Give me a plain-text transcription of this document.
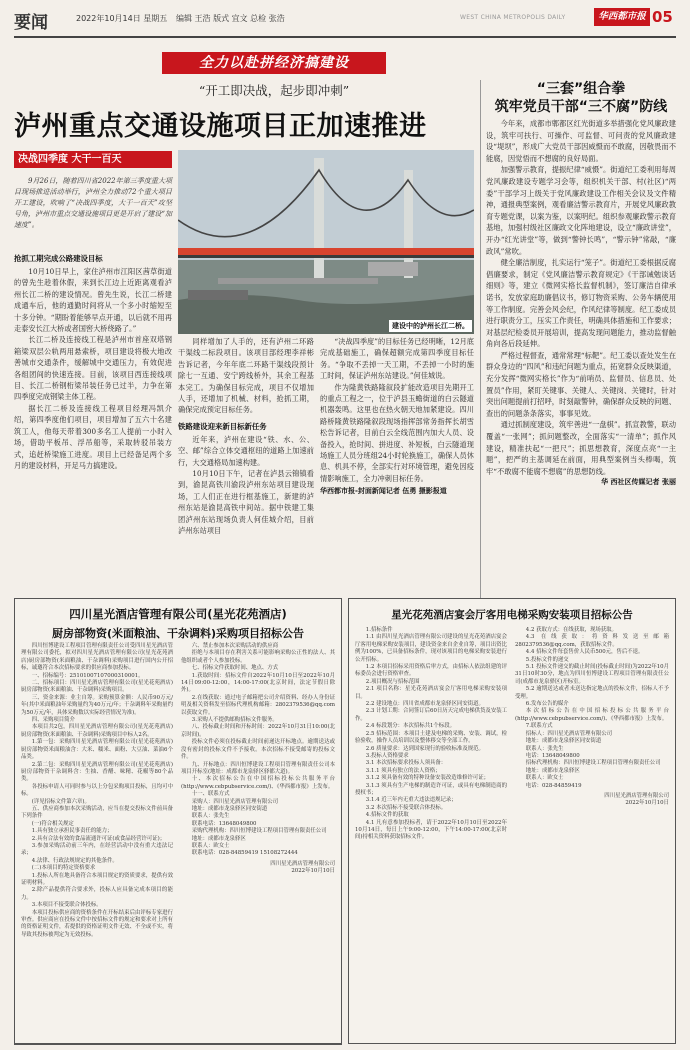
要闻	2022年10月14日 星期五 编辑 王浩 版式 宜文 总检 张浩	WEST CHINA METROPOLIS DAILY	华西都市报 05
全力以赴拼经济搞建设
“开工即决战，起步即冲刺”
泸州重点交通设施项目正加速推进
决战四季度 大干一百天
9月26日，随着四川省2022年第三季度重大项目现场推进活动举行，泸州全力推动72个重大项目开工建设，吹响了“决战四季度，大干一百天”攻坚号角，泸州市重点交通设施项目更是开启了建设“加速度”。
抢抓工期完成公路建设目标

10月10日早上，家住泸州市江阳区茜草街道的曾先生趁着休假，来到长江边上近距离观看泸州长江二桥的建设情况。曾先生说，长江二桥建成通车后，他的通勤时间将从一个多小时缩短至十多分钟。“期盼着能够早点开通，以后就不用再走泰安长江大桥或者国窖大桥绕路了。”

长江二桥及连接线工程是泸州市首座双塔钢箱梁双层公轨两用悬索桥，项目建设将极大地改善城市交通条件，缓解城中交通压力，有效促进各组团间的快速连接。目前，该项目西连接线项目、长江二桥钢桁梁吊装任务已过半，力争在第四季度完成钢梁主体工程。

据长江二桥及连接线工程项目经理冯凯介绍，第四季度他们项目，项目增加了五六十名建筑工人，他每天带着300多名工人提前一小时入场，借助平板吊、浮吊船等，采取转驳吊装方式，追赶桥梁施工进度。项目上已经备足两个多月的建设材料，开足马力搞建设。

建设中的泸州长江二桥。

同样增加了人手的，还有泸州二环路干渠线二标段项目。该项目部经理李祥彬告诉记者，今年年底二环路干渠线段预计除七一互通、安宁跨线桥外，其余工程基本完工。为确保目标完成，项目不仅增加人手，还增加了机械、材料，抢抓工期，确保完成预定目标任务。

铁路建设迎来新目标新任务

近年来，泸州在建设“铁、水、公、空、邮”综合立体交通枢纽的道路上加速前行，大交通格局加速构建。

10月10日下午，记者在泸县云锦镇看到，渝昆高铁川渝段泸州东站项目建设现场，工人们正在进行框基施工，新建的泸州东站是渝昆高铁中间站。据中铁建工集团泸州东站现场负责人何佳城介绍，目前泸州东站项目

“决战四季度”的目标任务已经明晰，12月底完成基础施工，确保超额完成第四季度目标任务。“争取不丢掉一天工期，不丢掉一小时的施工时间，保证泸州东站建设。”何佳城说。

作为隆黄铁路隆叙段扩能改造项目先期开工的重点工程之一，位于泸县玉蟾街道的白云隧道机器轰鸣。这里也在热火朝天地加紧建设。四川路桥隆黄铁路隆叙段现场指挥部常务指挥长胡雪松告诉记者，目前白云全线范围内加大人员、设备投入，抢时间、拼进度、补短板，白云隧道现场施工人员分班组24小时轮换施工，确保人员休息、机具不停，全部实行对环境管理，避免因疫情影响施工，全力冲刺目标任务。

华西都市报-封面新闻记者 伍勇 摄影报道
“三套”组合拳
筑牢党员干部“三不腐”防线

今年来，成都市郫都区红光街道多举措强化党风廉政建设，筑牢可扶行、可操作、可监督、可问责的党风廉政建设“堤坝”，形成广大党员干部因威慑而不敢腐，因敬畏而不能腐，因觉悟而不想腐的良好局面。

加强警示教育，提振纪律“威慑”。街道纪工委利用每周党风廉政建设专题学习会等，组织机关干部、村(社区)“两委”干部学习上级关于党风廉政建设工作相关会议及文件精神，通报典型案例，观看廉洁警示教育片，开展党风廉政教育专题党课，以案为鉴，以案明纪。组织参观廉政警示教育基地，加强村级社区廉政文化阵地建设，设立“廉政讲堂”，开办“红光讲堂”等，做到“警钟长鸣”，“警示钟”常敲，“廉政风”常吹。

健全廉洁制度，扎实运行“笼子”。街道纪工委根据反腐倡廉要求，制定《党风廉洁警示教育规定》《干部诫勉谈话细则》等，建立《微网实格长监督机制》，签订廉洁自律承诺书，发放家庭助廉倡议书，修订物资采购、公务车辆使用等工作制度。完善会风会纪，作风纪律等制度。纪工委成员进行职责分工，压实工作责任，明确具体措施和工作要求；对基层纪检委员开展培训，提高发现问题能力，推动监督触角向各后段延伸。

严格过程督查，通常常理“标靶”。纪工委以查处发生在群众身边的“四风”和违纪问题为重点，拓宽群众反映渠道，充分发挥“微网实格长”作为“前哨员、监督员、信息员、处置员”作用，紧盯关键事、关键人、关键岗、关键时，针对突出问题提前打招呼，时刻敲警钟，确保群众反映的问题、查出的问题条条落实，事事见效。

通过抓制度建设，筑牢善进“一盘棋”。抓宣教警，联动覆盖“一张网”；抓问题整改，全面落实“一清单”；抓作风建设，精准扶起“一把尺”；抓思想教育，深度点亮“一主题”，把严的主基调延在前面，用典型案例当头棒喝，筑牢“不敢腐不能腐不想腐”的思想防线。

华 西社区传媒记者 张丽
四川星光酒店管理有限公司(星光花苑酒店)
厨房部物资(米面粮油、干杂调料)采购项目招标公告

四川恒博建设工程项目管理有限责任公司受四川星光酒店管理有限公司委托，拟对四川星光酒店管理有限公司(星光花苑酒店)厨房部物资(米面粮油、干杂调料)采购项目进行国内公开招标，诚邀符合本次招标要求的供应商参加投标。

一、招标编号：25101007107000310001。

二、招标项目：四川星光酒店管理有限公司(星光花苑酒店)厨房部物资(米面粮油、干杂调料)采购项目。

三、资金来源：业主自筹。采购预算金额：人民币90万元/年(其中米面粮油年采购量约为40万元/年；干杂调料年采购量约为50万元/年，具体采购数以实际经营情况为准)。

四、采购项目简介

本项目共2包，四川星光酒店管理有限公司(星光花苑酒店)厨房部物资(米面粮油、干杂调料)采购项目中标人2名。

1.第一包：采购四川星光酒店管理有限公司(星光花苑酒店)厨房部物资米面粮油含：大米、糯米、面粉、大豆油、菜油6个品类。

2.第二包：采购四川星光酒店管理有限公司(星光花苑酒店)厨房部物资干杂调料含：生抽、香醋、味精、花椒等80个品类。

各投标申请人可同时参与以上分包采购项目投标，且均可中标。

(详见招标文件第六章)。

五、供应商参加本次采购活动，应当在提交投标文件前具备下列条件

(一)符合相关规定

1.具有独立承担民事责任的能力；

2.具有合法有效的食品流通许可证(或食品经营许可证)；

3.参加采购活动前三年内，在经营活动中没有重大违法记录；

4.法律、行政法规规定的其他条件。

(二)本项目的特定资格要求

1.投标人所在地具备符合本项目规定的资质要求，提供有效证明材料。

2.除产品提供符合要求外，投标人应具备完成本项目的能力。

3.本项目不接受联合体投标。

本项目投标供应商的资格条件在开标结束后由评标专家进行审查。供应商应在投标文件中按招标文件的规定和要求对上所有的资格证明文件，若提供的资格证明文件无效、不全或不实，将导致其投标被判定为无效投标。

六、禁止参加本次采购活动的供应商

拒绝与本项目存在利害关系可能影响采购公正性的法人、其他组织或者个人参加投标。

七、招标文件获取时间、地点、方式

1.获取时间：招标文件自2022年10月10日至2022年10月14日09:00-12:00，14:00-17:00(北京时间，法定节假日除外)。

2.在线获取：通过电子邮箱把公司介绍资料、经办人身份证明及相关资料发至招标代理机构邮箱：2802379536@qq.com以获取文件。

3.采购人不提供邮购招标文件服务。

八、投标截止时间和开标时间：2022年10月31日10:00(北京时间)。

投标文件必须在投标截止时间前递达开标地点。逾期送达或没有密封的投标文件不予接收。本次招标不接受邮寄的投标文件。

九、开标地点：四川恒博建设工程项目管理有限责任公司本项目开标室(地址：成都市龙泉驿区驿都大道)。

十、本次招标公告在中国招标投标公共服务平台(http://www.cebpubservice.com/)、《华西都市报》上发布。

十一、联系方式

采购人：四川星光酒店管理有限公司

地址：成都市龙泉驿区同安街道

联系人：张先生

联系电话：13648049800

采购代理机构：四川恒博建设工程项目管理有限责任公司

地址：成都市龙泉驿区

联系人：欧女士

联系电话：028-84859419 15108272444

四川星光酒店管理有限公司
2022年10月10日
星光花苑酒店宴会厅客用电梯采购安装项目招标公告

1.招标条件

1.1 由四川星光酒店管理有限公司建设的星光花苑酒店宴会厅客用电梯采购安装项目，建设资金来自企业自筹，项目出资比例为100%，已具备招标条件，现对该项目的电梯采购安装进行公开招标。

1.2 本项目招标采用资格后审方式，由招标人依法组建的评标委员会进行资格审查。

2.项目概况与招标范围

2.1 项目名称：星光花苑酒店宴会厅客用电梯采购安装项目。

2.2 建设地点：四川省成都市龙泉驿区同安街道。

2.3 计划工期：合同签订后60日历天完成电梯供货及安装工作。

2.4 标段划分：本次招标共1个标段。

2.5 招标范围：本项目土建及电梯的采购、安装、调试，检验验收，操作人员培训以及整体移交等全部工作。

2.6 质量要求：达到国家现行的验收标准及规范。

3.投标人资格要求

3.1 本次招标要求投标人须具备：

3.1.1 须具有独立的法人资格；

3.1.2 须具备有效的特种设备安装改造维修许可证；

3.1.3 须具有生产电梯的制造许可证，或具有电梯制造商的授权书；

3.1.4 近三年内无重大违法违规记录；

3.2 本次招标不接受联合体投标。

4.招标文件的获取

4.1 凡有意参加投标者，请于2022年10月10日至2022年10月14日，每日上午9:00-12:00，下午14:00-17:00(北京时间)持相关资料获取招标文件。

4.2 获取方式：在线获取，现场获取。

4.3 在线获取：将资料发送至邮箱2802379536@qq.com，获取招标文件。

4.4 招标文件每套售价人民币500元，售后不退。

5.投标文件的递交

5.1 投标文件递交的截止时间(投标截止时间)为2022年10月31日10时30分，地点为四川恒博建设工程项目管理有限责任公司(成都市龙泉驿区)开标室。

5.2 逾期送达或者未送达指定地点的投标文件，招标人不予受理。

6.发布公告的媒介

本次招标公告在中国招标投标公共服务平台(http://www.cebpubservice.com/)、《华西都市报》上发布。

7.联系方式

招标人：四川星光酒店管理有限公司

地址：成都市龙泉驿区同安街道

联系人：张先生

电话：13648049800

招标代理机构：四川恒博建设工程项目管理有限责任公司

地址：成都市龙泉驿区

联系人：欧女士

电话：028-84859419

四川星光酒店管理有限公司
2022年10月10日
